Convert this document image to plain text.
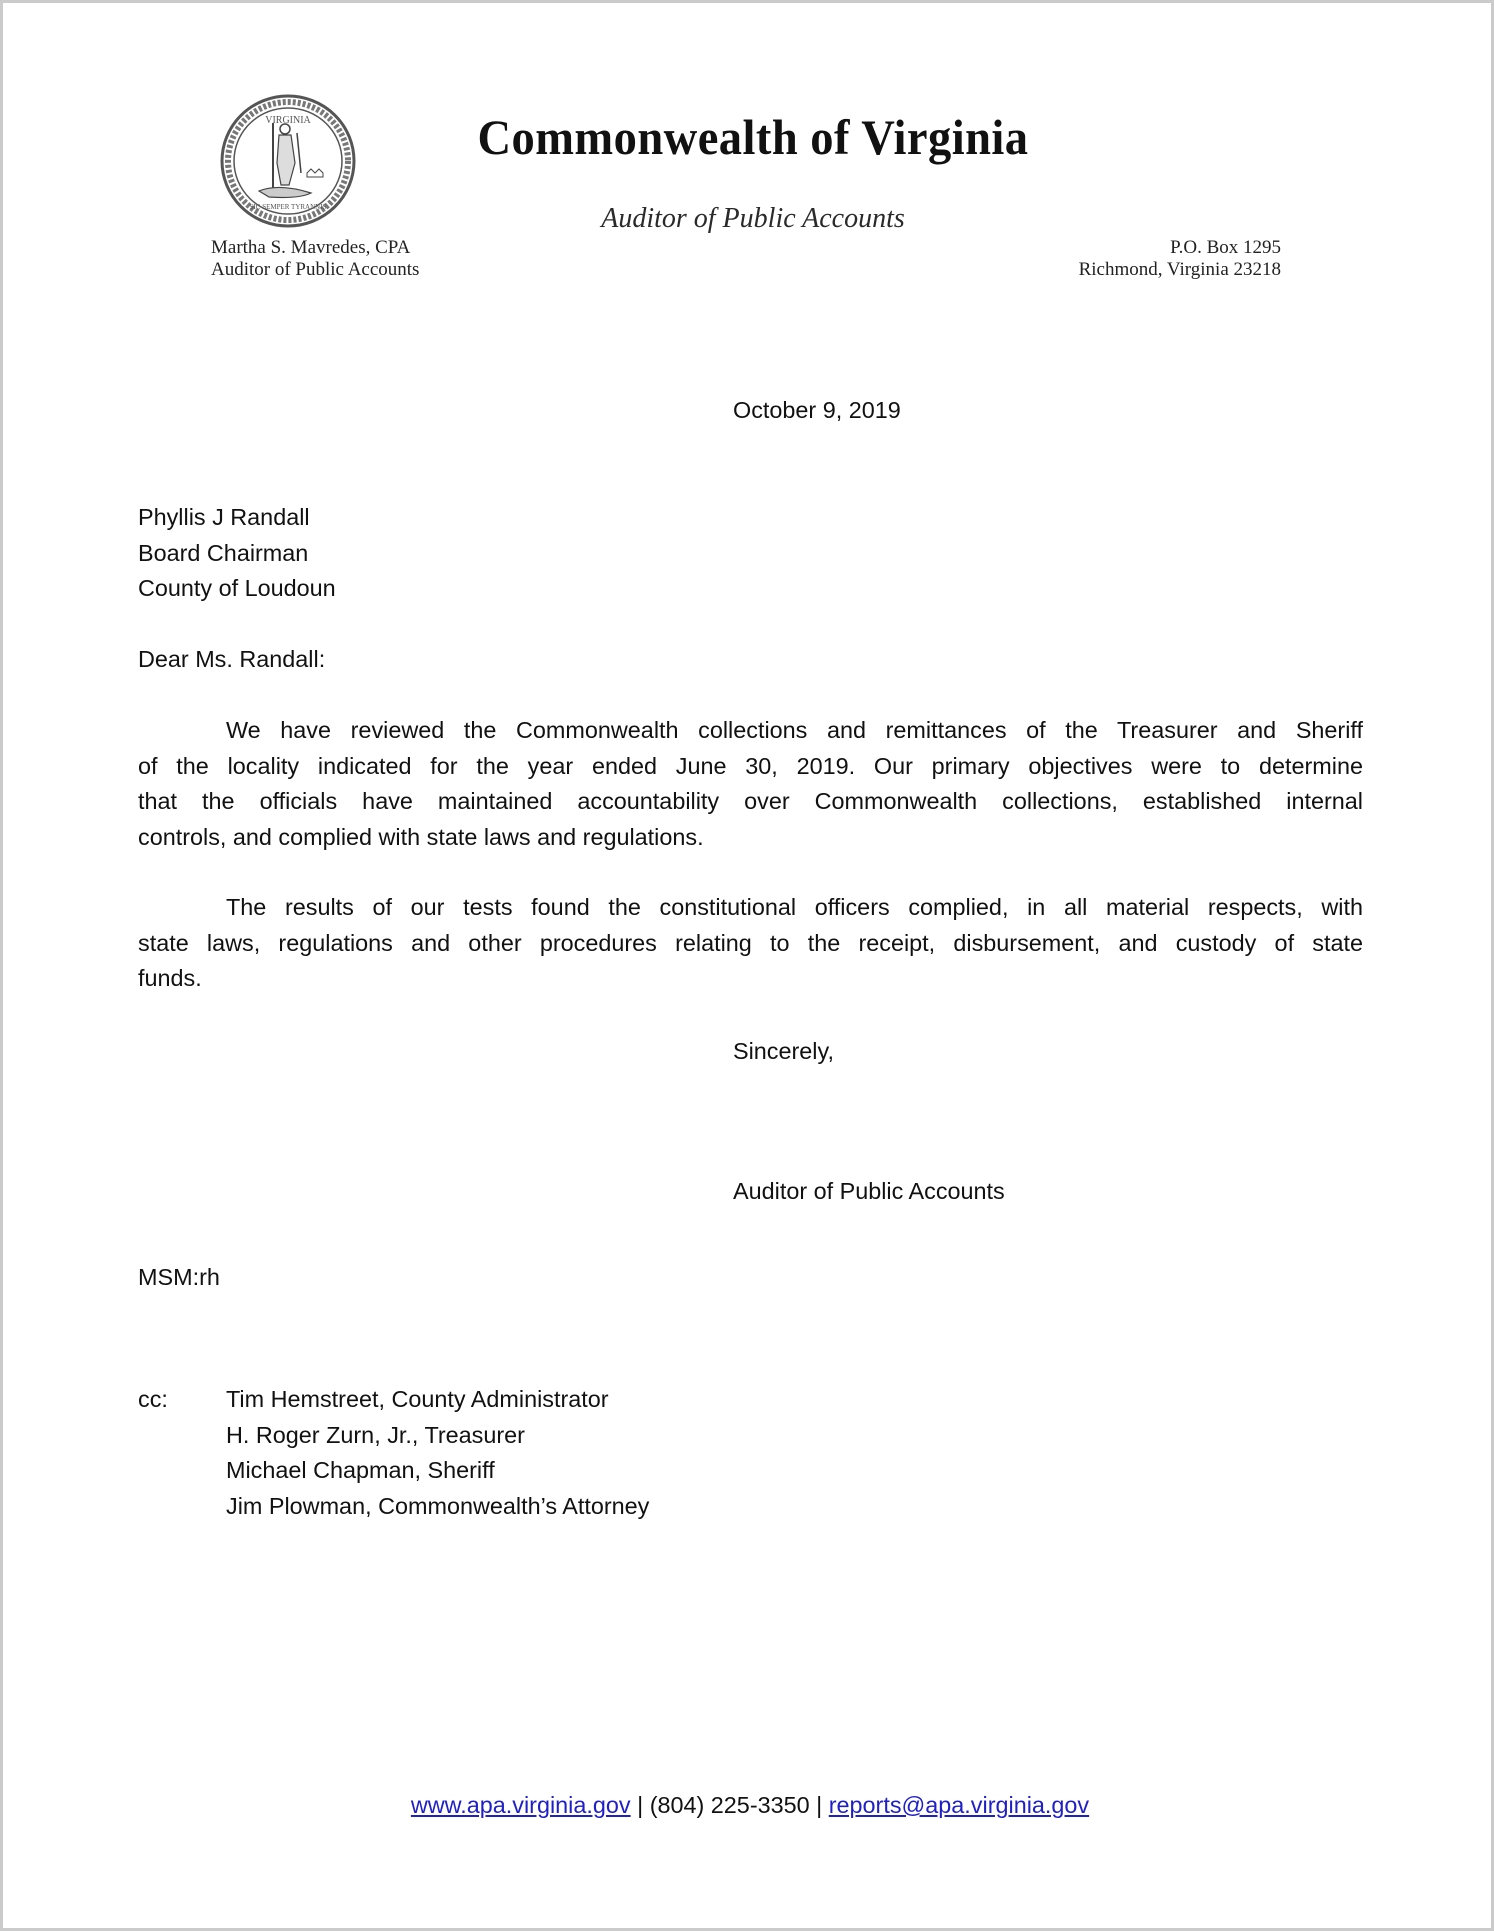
VIRGINIA
SIC SEMPER TYRANNIS
Commonwealth of Virginia
Auditor of Public Accounts
Martha S. Mavredes, CPA
Auditor of Public Accounts
P.O. Box 1295
Richmond, Virginia 23218
October 9, 2019
Phyllis J Randall
Board Chairman
County of Loudoun
Dear Ms. Randall:
We have reviewed the Commonwealth collections and remittances of the Treasurer and Sheriff
of the locality indicated for the year ended June 30, 2019. Our primary objectives were to determine
that the officials have maintained accountability over Commonwealth collections, established internal
controls, and complied with state laws and regulations.
The results of our tests found the constitutional officers complied, in all material respects, with
state laws, regulations and other procedures relating to the receipt, disbursement, and custody of state
funds.
Sincerely,
Auditor of Public Accounts
MSM:rh
cc: Tim Hemstreet, County Administrator
H. Roger Zurn, Jr., Treasurer
Michael Chapman, Sheriff
Jim Plowman, Commonwealth’s Attorney
www.apa.virginia.gov | (804) 225-3350 | reports@apa.virginia.gov
